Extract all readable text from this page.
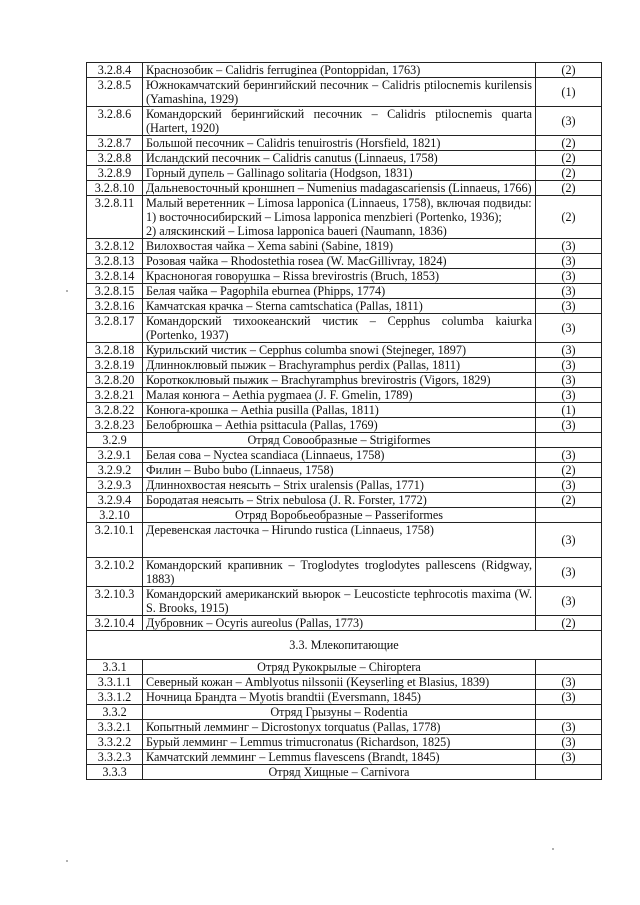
3.2.8.4	Краснозобик – Calidris ferruginea (Pontoppidan, 1763)	(2)
3.2.8.5	Южнокамчатский берингийский песочник – Calidris ptilocnemis kurilensis (Yamashina, 1929)	(1)
3.2.8.6	Командорский берингийский песочник – Calidris ptilocnemis quarta (Hartert, 1920)	(3)
3.2.8.7	Большой песочник – Calidris tenuirostris (Horsfield, 1821)	(2)
3.2.8.8	Исландский песочник – Calidris canutus (Linnaeus, 1758)	(2)
3.2.8.9	Горный дупель – Gallinago solitaria (Hodgson, 1831)	(2)
3.2.8.10	Дальневосточный кроншнеп – Numenius madagascariensis (Linnaeus, 1766)	(2)
3.2.8.11	Малый веретенник – Limosa lapponica (Linnaeus, 1758), включая подвиды:
1) восточносибирский – Limosa lapponica menzbieri (Portenko, 1936);
2) аляскинский – Limosa lapponica baueri (Naumann, 1836)	(2)
3.2.8.12	Вилохвостая чайка – Xema sabini (Sabine, 1819)	(3)
3.2.8.13	Розовая чайка – Rhodostethia rosea (W. MacGillivray, 1824)	(3)
3.2.8.14	Красноногая говорушка – Rissa brevirostris (Bruch, 1853)	(3)
3.2.8.15	Белая чайка – Pagophila eburnea (Phipps, 1774)	(3)
3.2.8.16	Камчатская крачка – Sterna camtschatica (Pallas, 1811)	(3)
3.2.8.17	Командорский тихоокеанский чистик – Cepphus columba kaiurka (Portenko, 1937)	(3)
3.2.8.18	Курильский чистик – Cepphus columba snowi (Stejneger, 1897)	(3)
3.2.8.19	Длинноклювый пыжик – Brachyramphus perdix (Pallas, 1811)	(3)
3.2.8.20	Короткоклювый пыжик – Brachyramphus brevirostris (Vigors, 1829)	(3)
3.2.8.21	Малая конюга – Aethia pygmaea (J. F. Gmelin, 1789)	(3)
3.2.8.22	Конюга-крошка – Aethia pusilla (Pallas, 1811)	(1)
3.2.8.23	Белобрюшка – Aethia psittacula (Pallas, 1769)	(3)
3.2.9	Отряд Совообразные – Strigiformes	

3.2.9.1	Белая сова – Nyctea scandiaca (Linnaeus, 1758)	(3)
3.2.9.2	Филин – Bubo bubo (Linnaeus, 1758)	(2)
3.2.9.3	Длиннохвостая неясыть – Strix uralensis (Pallas, 1771)	(3)
3.2.9.4	Бородатая неясыть – Strix nebulosa (J. R. Forster, 1772)	(2)
3.2.10	Отряд Воробьеобразные – Passeriformes	

3.2.10.1	Деревенская ласточка – Hirundo rustica (Linnaeus, 1758)	(3)
3.2.10.2	Командорский крапивник – Troglodytes troglodytes pallescens (Ridgway, 1883)	(3)
3.2.10.3	Командорский американский вьюрок – Leucosticte tephrocotis maxima (W. S. Brooks, 1915)	(3)
3.2.10.4	Дубровник – Ocyris aureolus (Pallas, 1773)	(2)
3.3. Млекопитающие		
3.3.1	Отряд Рукокрылые – Chiroptera	

3.3.1.1	Северный кожан – Amblyotus nilssonii (Keyserling et Blasius, 1839)	(3)
3.3.1.2	Ночница Брандта – Myotis brandtii (Eversmann, 1845)	(3)
3.3.2	Отряд Грызуны – Rodentia	

3.3.2.1	Копытный лемминг – Dicrostonyx torquatus (Pallas, 1778)	(3)
3.3.2.2	Бурый лемминг – Lemmus trimucronatus (Richardson, 1825)	(3)
3.3.2.3	Камчатский лемминг – Lemmus flavescens (Brandt, 1845)	(3)
3.3.3	Отряд Хищные – Carnivora	
